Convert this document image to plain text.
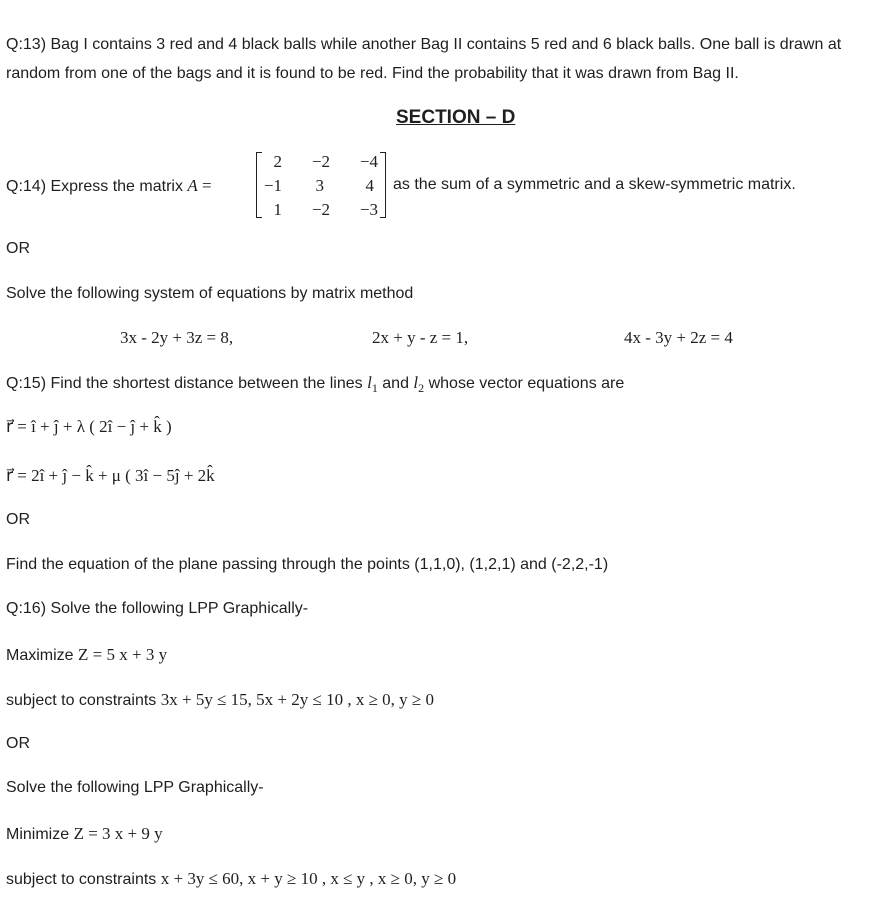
Q:13) Bag I contains 3 red and 4 black balls while another Bag II contains 5 red and 6 black balls. One ball is drawn at random from one of the bags and it is found to be red. Find the probability that it was drawn from Bag II.
SECTION – D
Q:14) Express the matrix A =
2	−2	−4
−1	3	4
1	−2	−3
as the sum of a symmetric and a skew-symmetric matrix.
OR
Solve the following system of equations by matrix method
3x - 2y + 3z = 8,	2x + y - z = 1,	4x - 3y + 2z = 4
Q:15) Find the shortest distance between the lines $l_1$ and $l_2$ whose vector equations are
r⃗ = î + ĵ + λ ( 2î − ĵ + k̂ )
r⃗ = 2î + ĵ − k̂ + μ ( 3î − 5ĵ + 2k̂
OR
Find the equation of the plane passing through the points (1,1,0), (1,2,1) and (-2,2,-1)
Q:16) Solve the following LPP Graphically-
Maximize Z = 5 x + 3 y
subject to constraints 3x + 5y ≤ 15, 5x + 2y ≤ 10 , x ≥ 0, y ≥ 0
OR
Solve the following LPP Graphically-
Minimize Z = 3 x + 9 y
subject to constraints x + 3y ≤ 60, x + y ≥ 10 , x ≤ y , x ≥ 0, y ≥ 0
